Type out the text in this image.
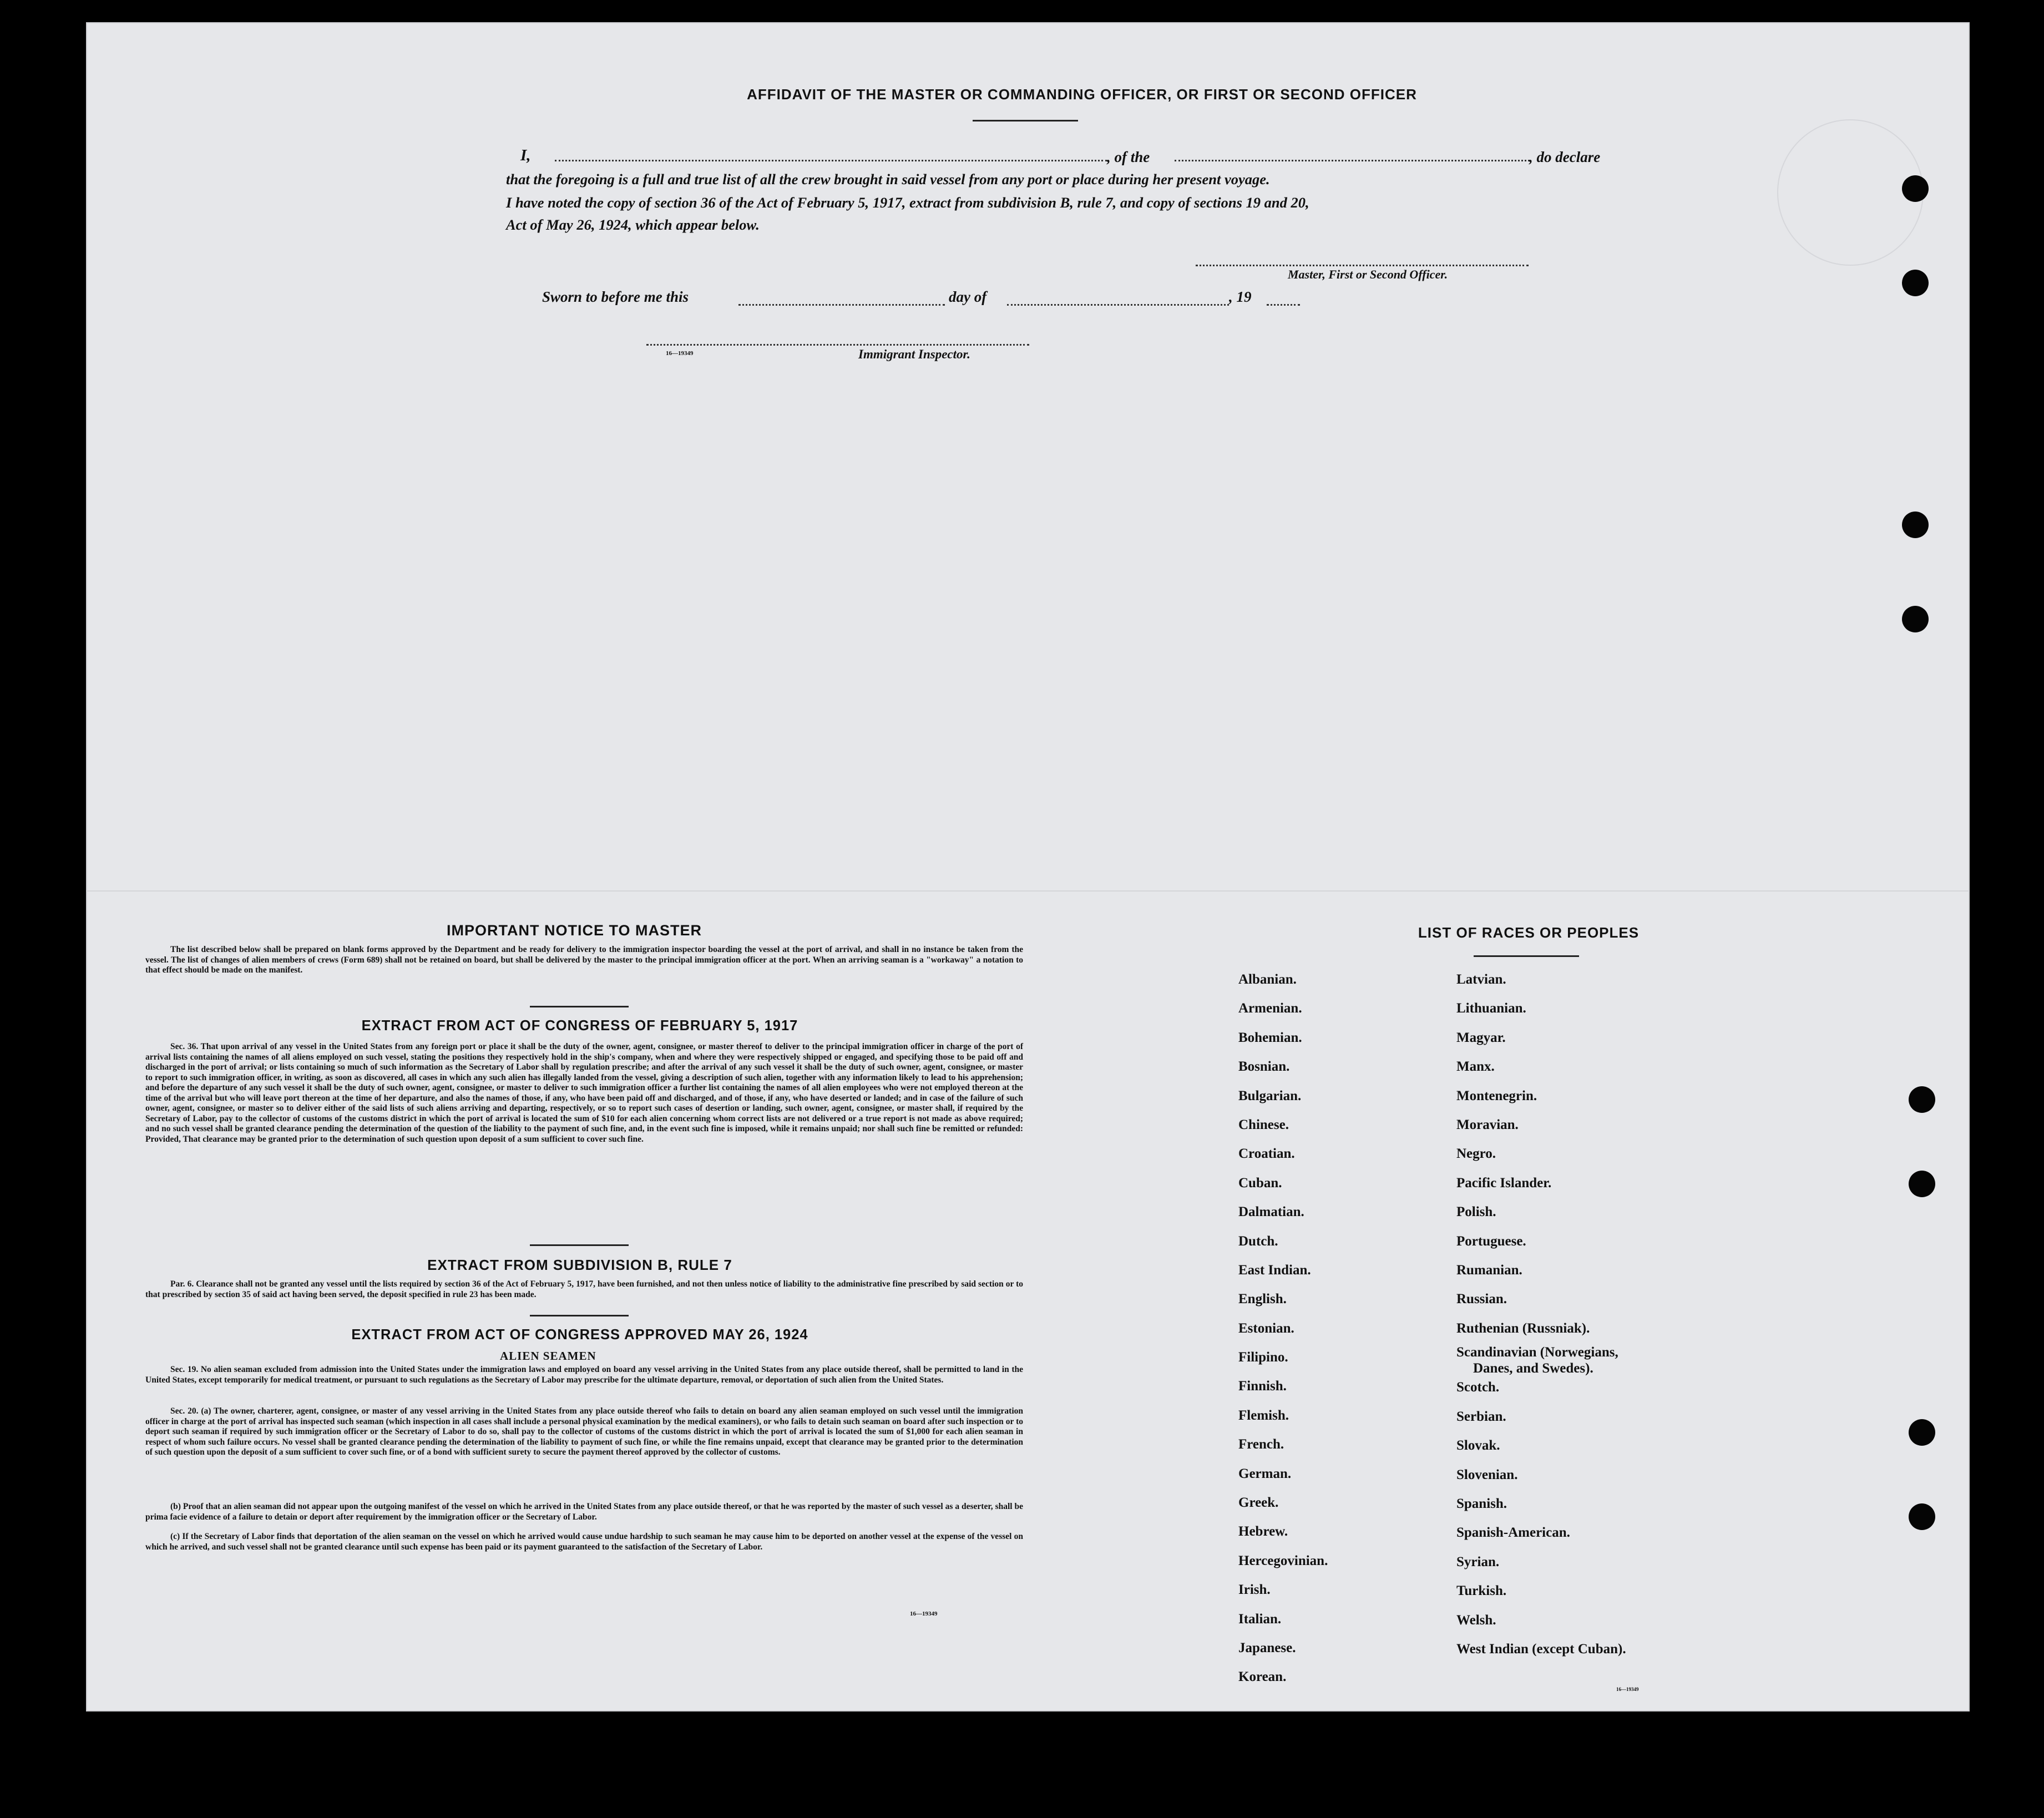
AFFIDAVIT OF THE MASTER OR COMMANDING OFFICER, OR FIRST OR SECOND OFFICER
I,	, of the	, do declare
that the foregoing is a full and true list of all the crew brought in said vessel from any port or place during her present voyage.
I have noted the copy of section 36 of the Act of February 5, 1917, extract from subdivision B, rule 7, and copy of sections 19 and 20,
Act of May 26, 1924, which appear below.
Master, First or Second Officer.
Sworn to before me this	day of	, 19
16—19349	Immigrant Inspector.
IMPORTANT NOTICE TO MASTER
The list described below shall be prepared on blank forms approved by the Department and be ready for delivery to the immigration inspector boarding the vessel at the port of arrival, and shall in no instance be taken from the vessel. The list of changes of alien members of crews (Form 689) shall not be retained on board, but shall be delivered by the master to the principal immigration officer at the port. When an arriving seaman is a "workaway" a notation to that effect should be made on the manifest.
EXTRACT FROM ACT OF CONGRESS OF FEBRUARY 5, 1917
Sec. 36. That upon arrival of any vessel in the United States from any foreign port or place it shall be the duty of the owner, agent, consignee, or master thereof to deliver to the principal immigration officer in charge of the port of arrival lists containing the names of all aliens employed on such vessel, stating the positions they respectively hold in the ship's company, when and where they were respectively shipped or engaged, and specifying those to be paid off and discharged in the port of arrival; or lists containing so much of such information as the Secretary of Labor shall by regulation prescribe; and after the arrival of any such vessel it shall be the duty of such owner, agent, consignee, or master to report to such immigration officer, in writing, as soon as discovered, all cases in which any such alien has illegally landed from the vessel, giving a description of such alien, together with any information likely to lead to his apprehension; and before the departure of any such vessel it shall be the duty of such owner, agent, consignee, or master to deliver to such immigration officer a further list containing the names of all alien employees who were not employed thereon at the time of the arrival but who will leave port thereon at the time of her departure, and also the names of those, if any, who have been paid off and discharged, and of those, if any, who have deserted or landed; and in case of the failure of such owner, agent, consignee, or master so to deliver either of the said lists of such aliens arriving and departing, respectively, or so to report such cases of desertion or landing, such owner, agent, consignee, or master shall, if required by the Secretary of Labor, pay to the collector of customs of the customs district in which the port of arrival is located the sum of $10 for each alien concerning whom correct lists are not delivered or a true report is not made as above required; and no such vessel shall be granted clearance pending the determination of the question of the liability to the payment of such fine, and, in the event such fine is imposed, while it remains unpaid; nor shall such fine be remitted or refunded: Provided, That clearance may be granted prior to the determination of such question upon deposit of a sum sufficient to cover such fine.
EXTRACT FROM SUBDIVISION B, RULE 7
Par. 6. Clearance shall not be granted any vessel until the lists required by section 36 of the Act of February 5, 1917, have been furnished, and not then unless notice of liability to the administrative fine prescribed by said section or to that prescribed by section 35 of said act having been served, the deposit specified in rule 23 has been made.
EXTRACT FROM ACT OF CONGRESS APPROVED MAY 26, 1924
ALIEN SEAMEN
Sec. 19. No alien seaman excluded from admission into the United States under the immigration laws and employed on board any vessel arriving in the United States from any place outside thereof, shall be permitted to land in the United States, except temporarily for medical treatment, or pursuant to such regulations as the Secretary of Labor may prescribe for the ultimate departure, removal, or deportation of such alien from the United States.
Sec. 20. (a) The owner, charterer, agent, consignee, or master of any vessel arriving in the United States from any place outside thereof who fails to detain on board any alien seaman employed on such vessel until the immigration officer in charge at the port of arrival has inspected such seaman (which inspection in all cases shall include a personal physical examination by the medical examiners), or who fails to detain such seaman on board after such inspection or to deport such seaman if required by such immigration officer or the Secretary of Labor to do so, shall pay to the collector of customs of the customs district in which the port of arrival is located the sum of $1,000 for each alien seaman in respect of whom such failure occurs. No vessel shall be granted clearance pending the determination of the liability to payment of such fine, or while the fine remains unpaid, except that clearance may be granted prior to the determination of such question upon the deposit of a sum sufficient to cover such fine, or of a bond with sufficient surety to secure the payment thereof approved by the collector of customs.
(b) Proof that an alien seaman did not appear upon the outgoing manifest of the vessel on which he arrived in the United States from any place outside thereof, or that he was reported by the master of such vessel as a deserter, shall be prima facie evidence of a failure to detain or deport after requirement by the immigration officer or the Secretary of Labor.
(c) If the Secretary of Labor finds that deportation of the alien seaman on the vessel on which he arrived would cause undue hardship to such seaman he may cause him to be deported on another vessel at the expense of the vessel on which he arrived, and such vessel shall not be granted clearance until such expense has been paid or its payment guaranteed to the satisfaction of the Secretary of Labor.
16—19349
LIST OF RACES OR PEOPLES
Albanian.
Armenian.
Bohemian.
Bosnian.
Bulgarian.
Chinese.
Croatian.
Cuban.
Dalmatian.
Dutch.
East Indian.
English.
Estonian.
Filipino.
Finnish.
Flemish.
French.
German.
Greek.
Hebrew.
Hercegovinian.
Irish.
Italian.
Japanese.
Korean.
Latvian.
Lithuanian.
Magyar.
Manx.
Montenegrin.
Moravian.
Negro.
Pacific Islander.
Polish.
Portuguese.
Rumanian.
Russian.
Ruthenian (Russniak).
Scandinavian (Norwegians,
Danes, and Swedes).
Scotch.
Serbian.
Slovak.
Slovenian.
Spanish.
Spanish-American.
Syrian.
Turkish.
Welsh.
West Indian (except Cuban).
16—19349
